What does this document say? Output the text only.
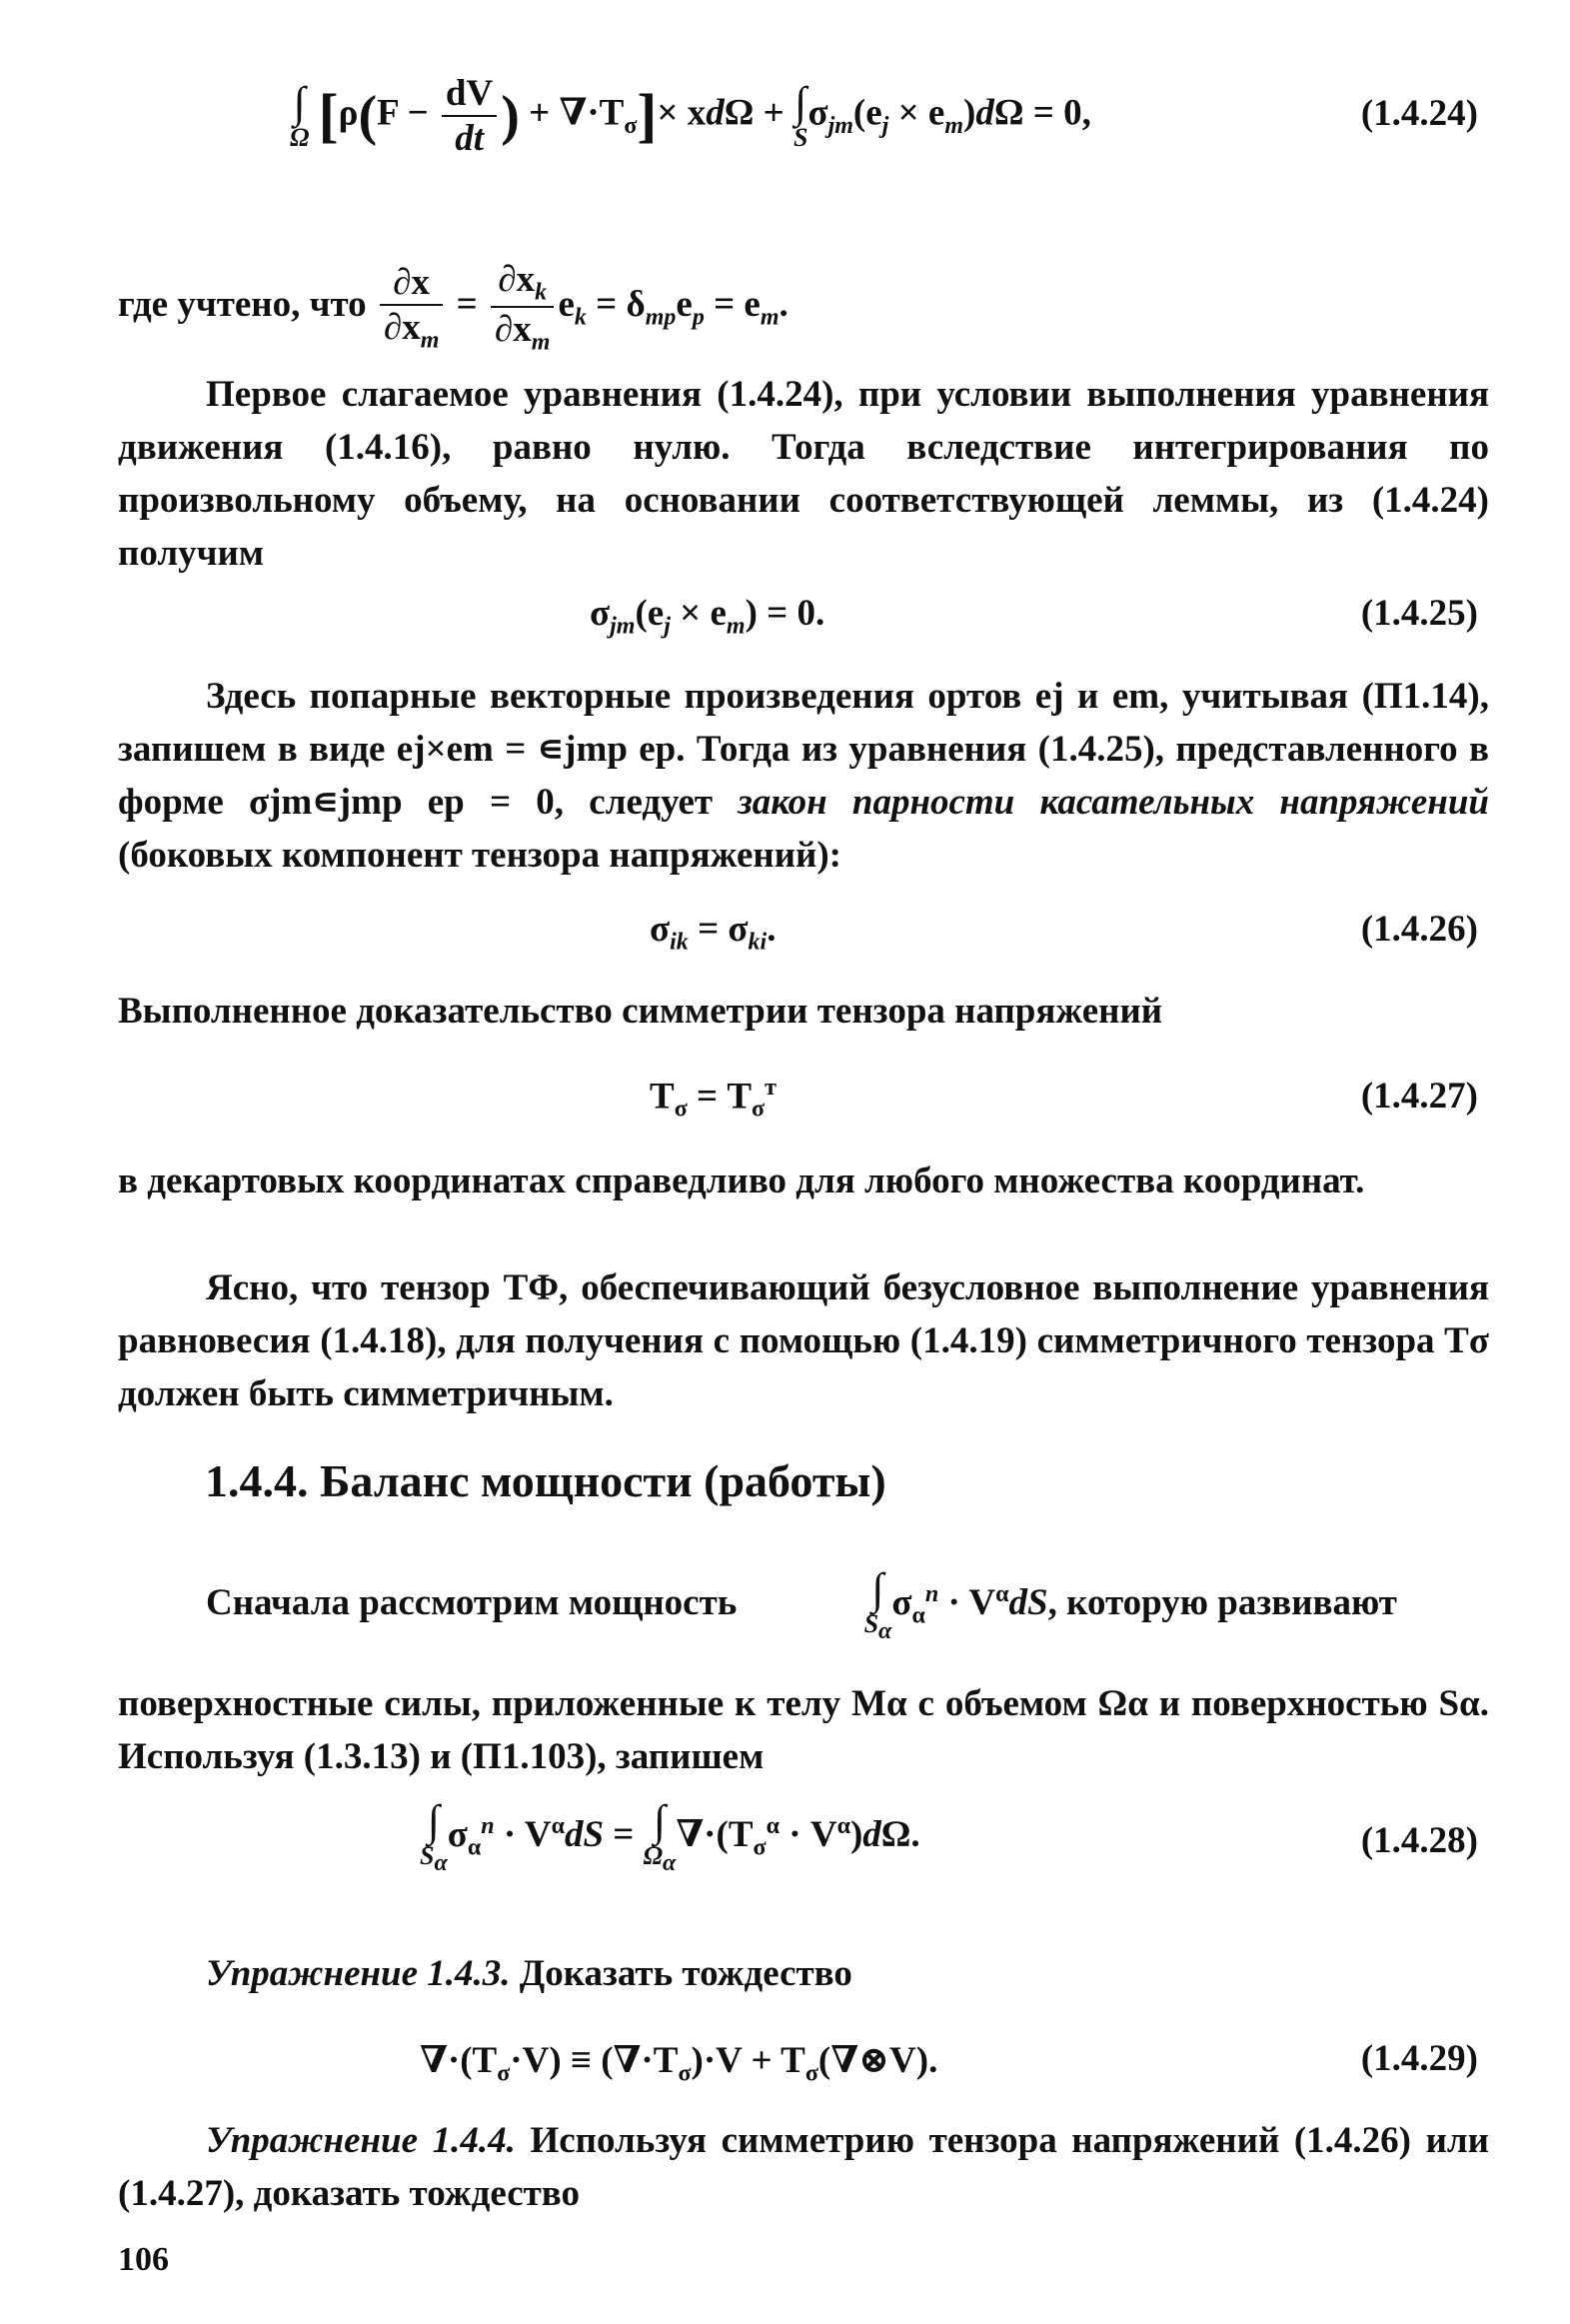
∫
Ω [$\rho(F - \frac{dV}{dt}$ ) + $\nabla\cdot T_\sigma]\times xd\Omega$ + ∫
S
$\sigma_{jm}(e_j \times e_m)d\Omega = 0$,	(1.4.24)
где учтено, что $\frac{\partial x}{\partial x_m} = \frac{\partial x_k}{\partial x_m} e_k = \delta_{mp}e_p = e_m$.
Первое слагаемое уравнения (1.4.24), при условии выполнения уравнения движения (1.4.16), равно нулю. Тогда вследствие интегрирования по произвольному объему, на основании соответствующей леммы, из (1.4.24) получим
$\sigma_{jm}(e_j \times e_m) = 0$.	(1.4.25)
Здесь попарные векторные произведения ортов ej и em, учитывая (П1.14), запишем в виде ej×em = ∊jmp ep. Тогда из уравнения (1.4.25), представленного в форме σjm∊jmp ep = 0, следует закон парности касательных напряжений (боковых компонент тензора напряжений):
$\sigma_{ik} = \sigma_{ki}$.	(1.4.26)
Выполненное доказательство симметрии тензора напряжений
$T_\sigma = T_\sigma^т$	(1.4.27)
в декартовых координатах справедливо для любого множества координат.
Ясно, что тензор TΦ, обеспечивающий безусловное выполнение уравнения равновесия (1.4.18), для получения с помощью (1.4.19) симметричного тензора Tσ должен быть симметричным.
1.4.4. Баланс мощности (работы)
Сначала рассмотрим мощность	∫
$S_\alpha$
$\sigma_\alpha^n \cdot V^\alpha dS$, которую развивают
поверхностные силы, приложенные к телу Mα с объемом Ωα и поверхностью Sα. Используя (1.3.13) и (П1.103), запишем
∫
$S_\alpha$
$\sigma_\alpha^n \cdot V^\alpha dS$ = ∫
$\Omega_\alpha$
$\nabla\cdot(T_\sigma^\alpha \cdot V^\alpha)d\Omega$.	(1.4.28)
Упражнение 1.4.3. Доказать тождество
$\nabla\cdot(T_\sigma\cdot V) \equiv (\nabla\cdot T_\sigma)\cdot V$ + $T_\sigma(\nabla\otimes V)$.	(1.4.29)
Упражнение 1.4.4. Используя симметрию тензора напряжений (1.4.26) или (1.4.27), доказать тождество
106
